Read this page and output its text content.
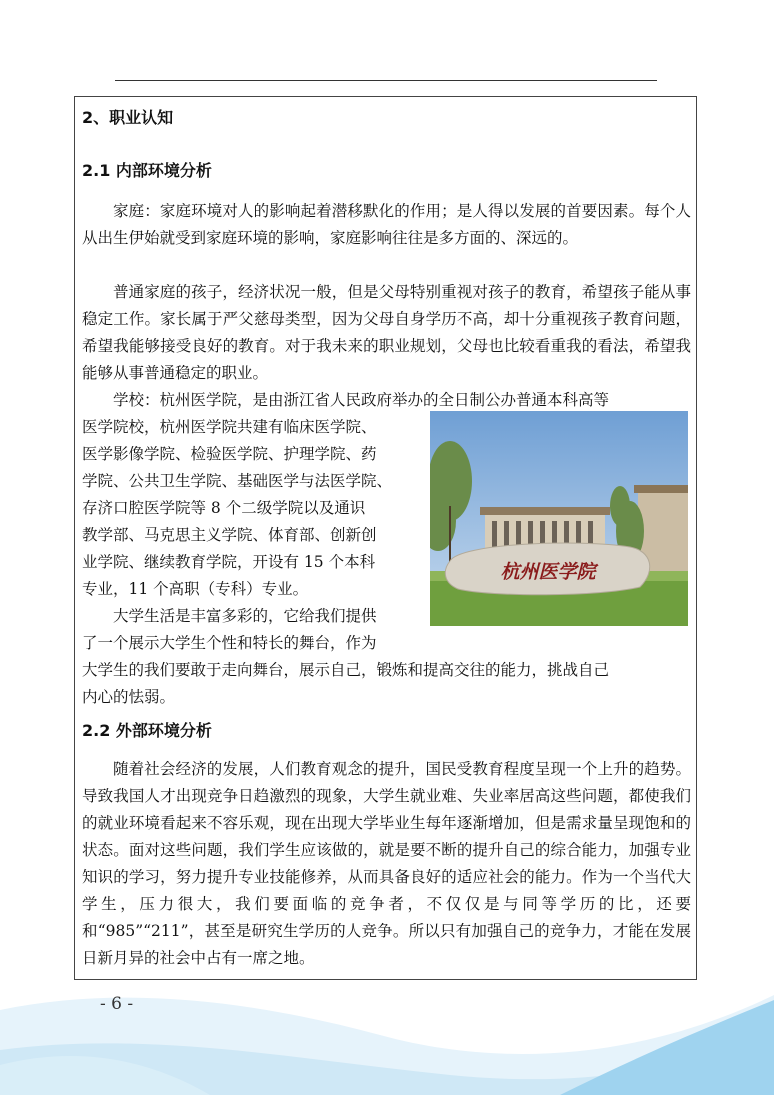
2、职业认知
2.1 内部环境分析

家庭：家庭环境对人的影响起着潜移默化的作用；是人得以发展的首要因素。每个人从出生伊始就受到家庭环境的影响，家庭影响往往是多方面的、深远的。

普通家庭的孩子，经济状况一般，但是父母特别重视对孩子的教育，希望孩子能从事稳定工作。家长属于严父慈母类型，因为父母自身学历不高，却十分重视孩子教育问题， 希望我能够接受良好的教育。对于我未来的职业规划，父母也比较看重我的看法，希望我能够从事普通稳定的职业。

学校：杭州医学院，是由浙江省人民政府举办的全日制公办普通本科高等

医学院校，杭州医学院共建有临床医学院、

医学影像学院、检验医学院、护理学院、药

学院、公共卫生学院、基础医学与法医学院、

存济口腔医学院等 8 个二级学院以及通识

教学部、马克思主义学院、体育部、创新创

业学院、继续教育学院，开设有 15 个本科

专业，11 个高职（专科）专业。

大学生活是丰富多彩的，它给我们提供

了一个展示大学生个性和特长的舞台，作为

大学生的我们要敢于走向舞台，展示自己，锻炼和提高交往的能力，挑战自己

内心的怯弱。

2.2 外部环境分析

随着社会经济的发展，人们教育观念的提升，国民受教育程度呈现一个上升的趋势。导致我国人才出现竞争日趋激烈的现象，大学生就业难、失业率居高这些问题，都使我们的就业环境看起来不容乐观，现在出现大学毕业生每年逐渐增加，但是需求量呈现饱和的状态。面对这些问题，我们学生应该做的，就是要不断的提升自己的综合能力，加强专业知识的学习，努力提升专业技能修养，从而具备良好的适应社会的能力。作为一个当代大学生，压力很大，我们要面临的竞争者，不仅仅是与同等学历的比，还要和“985”“211”，甚至是研究生学历的人竞争。所以只有加强自己的竞争力，才能在发展日新月异的社会中占有一席之地。

杭州医学院
- 6 -
